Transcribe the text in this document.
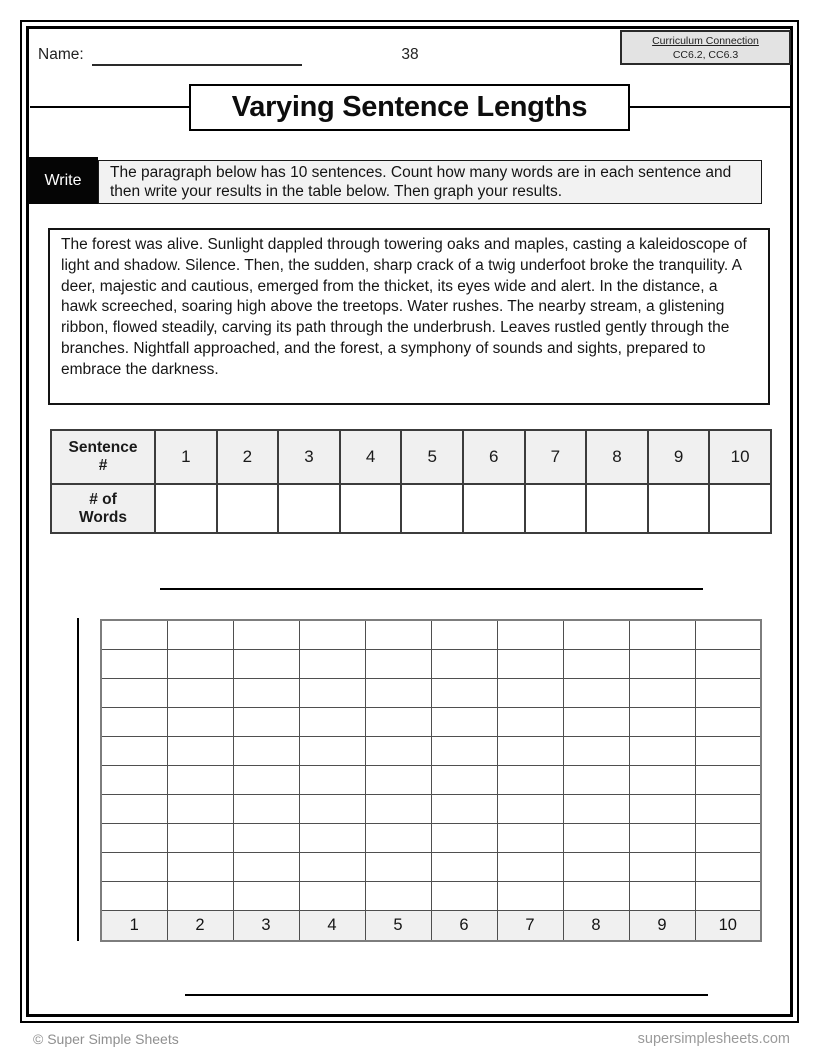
Name:	38
Curriculum Connection
CC6.2, CC6.3
Varying Sentence Lengths
Write The paragraph below has 10 sentences. Count how many words are in each sentence and then write your results in the table below. Then graph your results.
The forest was alive. Sunlight dappled through towering oaks and maples, casting a kaleidoscope of light and shadow. Silence. Then, the sudden, sharp crack of a twig underfoot broke the tranquility. A deer, majestic and cautious, emerged from the thicket, its eyes wide and alert. In the distance, a hawk screeched, soaring high above the treetops. Water rushes. The nearby stream, a glistening ribbon, flowed steadily, carving its path through the underbrush. Leaves rustled gently through the branches. Nightfall approached, and the forest, a symphony of sounds and sights, prepared to embrace the darkness.
Sentence #	1	2	3	4	5	6	7	8	9	10
# of Words										

1	2	3	4	5	6	7	8	9	10
© Super Simple Sheets	supersimplesheets.com
